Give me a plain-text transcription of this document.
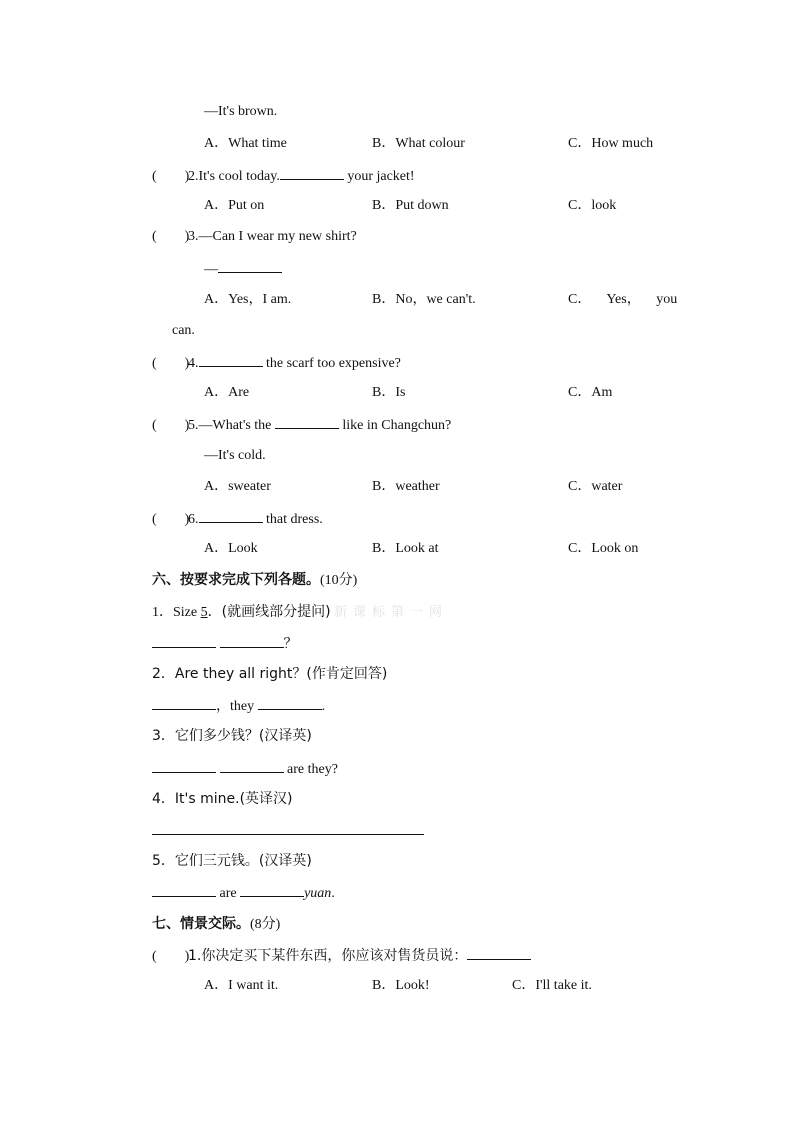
—It's brown.
A．What time	B．What colour	C．How much
(　　)2.It's cool today.	your jacket!
A．Put on	B．Put down	C．look
(　　)3.—Can I wear my new shirt?
—
A．Yes，I am.	B．No，we can't.	C． Yes， you
can.
(　　)4.	the scarf too expensive?
A．Are	B．Is	C．Am
(　　)5.—What's the	like in Changchun?
—It's cold.
A．sweater	B．weather	C．water
(　　)6.	that dress.
A．Look	B．Look at	C．Look on
六、按要求完成下列各题。(10分)
1．Size 5．(就画线部分提问) 新课标第一网
？
2．Are they all right？(作肯定回答)
，they	.
3．它们多少钱？(汉译英)
are they?
4．It's mine.(英译汉)
5．它们三元钱。(汉译英)
are	yuan.
七、情景交际。(8分)
(　　)1.你决定买下某件东西，你应该对售货员说：
A．I want it.	B．Look!	C．I'll take it.
